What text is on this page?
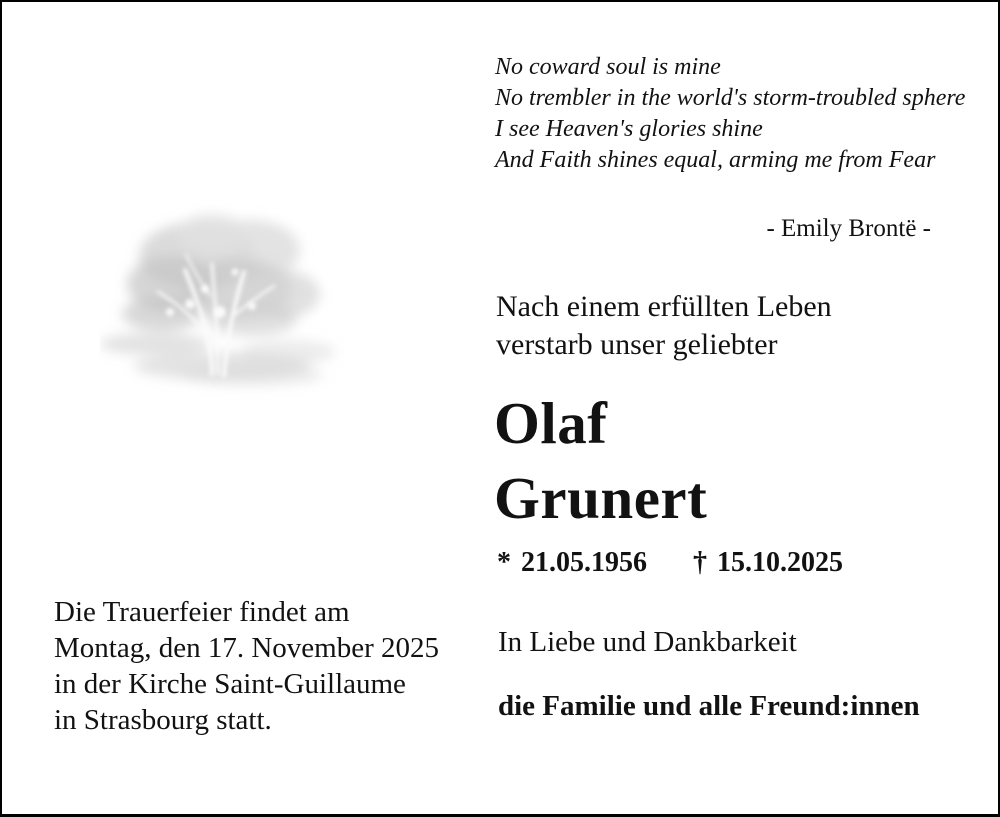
No coward soul is mine
No trembler in the world's storm-troubled sphere
I see Heaven's glories shine
And Faith shines equal, arming me from Fear
- Emily Brontë -
Nach einem erfüllten Leben
verstarb unser geliebter
Olaf
Grunert
* 21.05.1956 † 15.10.2025
Die Trauerfeier findet am
Montag, den 17. November 2025
in der Kirche Saint-Guillaume
in Strasbourg statt.
In Liebe und Dankbarkeit
die Familie und alle Freund:innen
